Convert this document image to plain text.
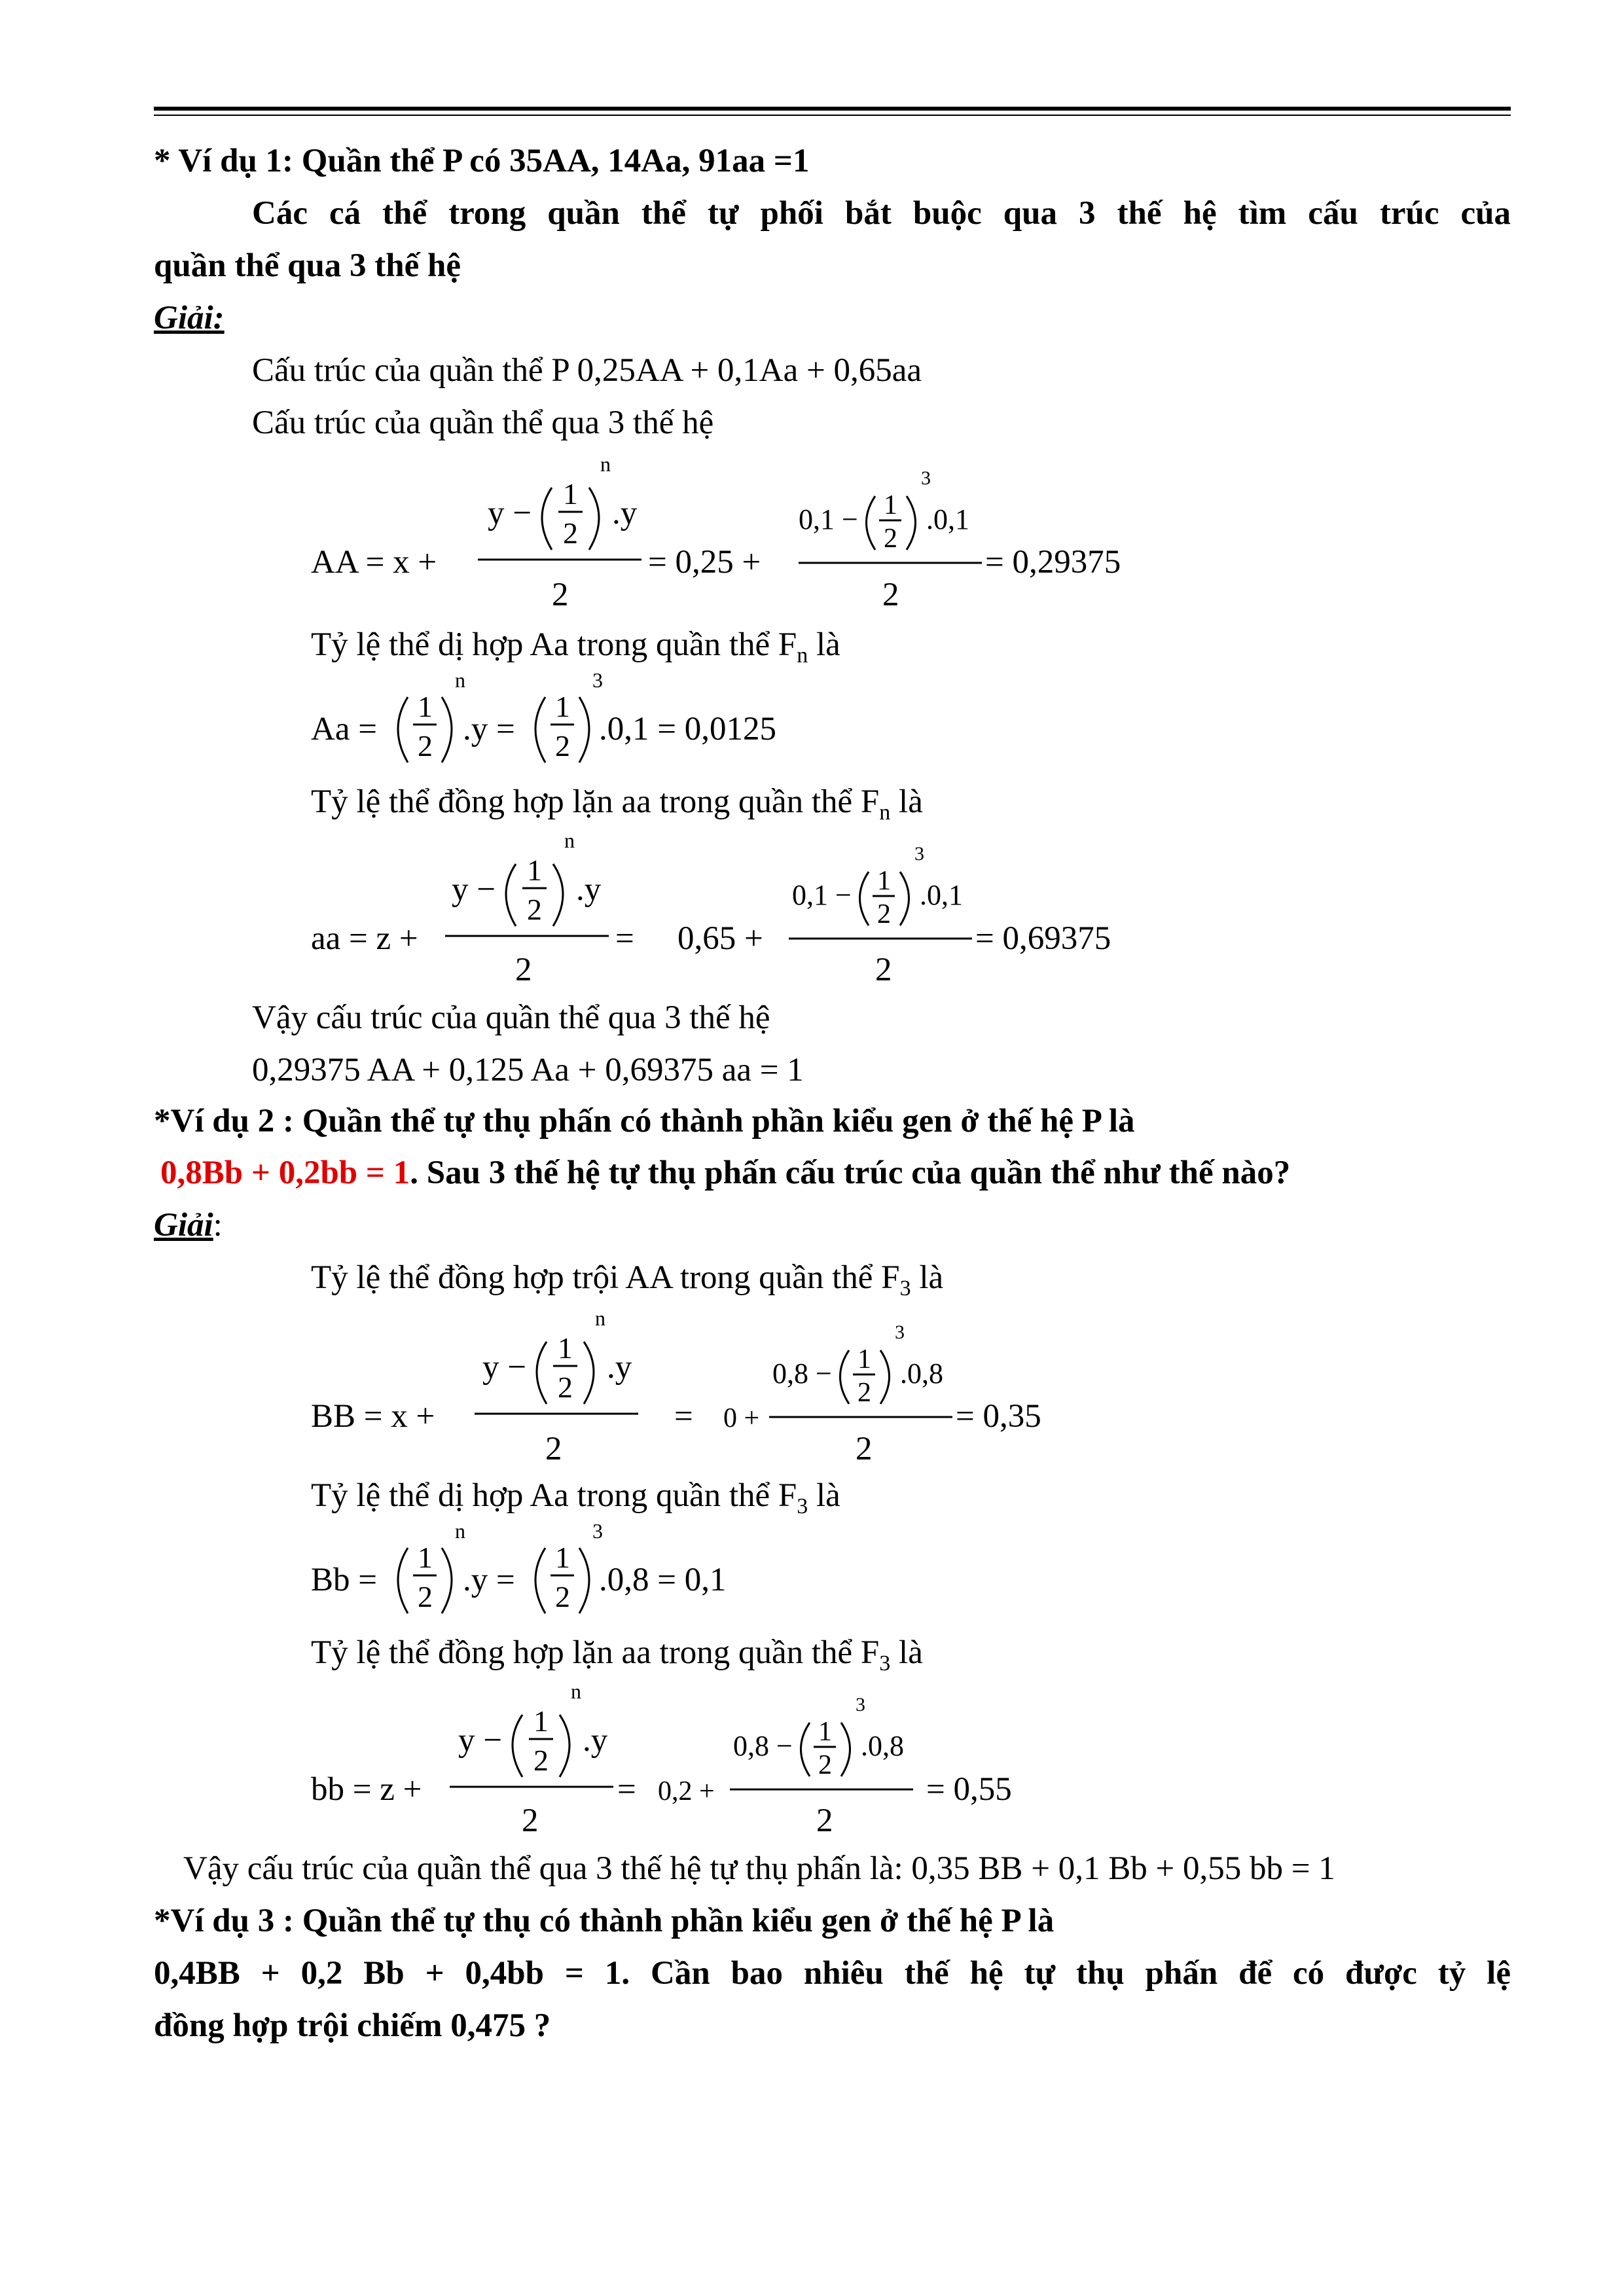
* Ví dụ 1: Quần thể P có 35AA, 14Aa, 91aa =1
Các cá thể trong quần thể tự phối bắt buộc qua 3 thế hệ tìm cấu trúc của
quần thể qua 3 thế hệ
Giải:
Cấu trúc của quần thể P 0,25AA + 0,1Aa + 0,65aa
Cấu trúc của quần thể qua 3 thế hệ
AA = x +
y −
1
2
n
.y
2
= 0,25 +
0,1 − 1
2
3
.0,1
2
= 0,29375
Tỷ lệ thể dị hợp Aa trong quần thể $F_n$ là
Aa =
1
2
n
.y =
1
2
3
.0,1 = 0,0125
Tỷ lệ thể đồng hợp lặn aa trong quần thể $F_n$ là
aa = z +
y −
1
2
n
.y
2
= 0,65 +
0,1 − 1
2
3
.0,1
2
= 0,69375
Vậy cấu trúc của quần thể qua 3 thế hệ
0,29375 AA + 0,125 Aa + 0,69375 aa = 1
*Ví dụ 2 : Quần thể tự thụ phấn có thành phần kiểu gen ở thế hệ P là
0,8Bb + 0,2bb = 1. Sau 3 thế hệ tự thụ phấn cấu trúc của quần thể như thế nào?
Giải:
Tỷ lệ thể đồng hợp trội AA trong quần thể $F_3$ là
BB = x +
y −
1
2
n
.y
2
= 0 +
0,8 − 1
2
3
.0,8
2
= 0,35
Tỷ lệ thể dị hợp Aa trong quần thể $F_3$ là
Bb =
1
2
n
.y =
1
2
3
.0,8 = 0,1
Tỷ lệ thể đồng hợp lặn aa trong quần thể $F_3$ là
bb = z +
y −
1
2
n
.y
2
= 0,2 +
0,8 − 1
2
3
.0,8
2
= 0,55
Vậy cấu trúc của quần thể qua 3 thế hệ tự thụ phấn là: 0,35 BB + 0,1 Bb + 0,55 bb = 1
*Ví dụ 3 : Quần thể tự thụ có thành phần kiểu gen ở thế hệ P là
0,4BB + 0,2 Bb + 0,4bb = 1. Cần bao nhiêu thế hệ tự thụ phấn để có được tỷ lệ
đồng hợp trội chiếm 0,475 ?
